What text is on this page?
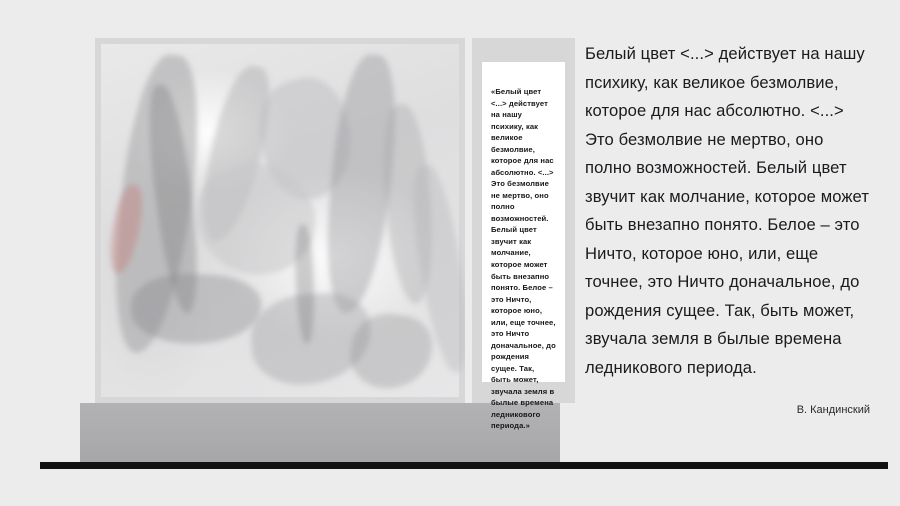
«Белый цвет <...> действует на нашу психику, как великое безмолвие, которое для нас абсолютно. <...> Это безмолвие не мертво, оно полно возможностей. Белый цвет звучит как молчание, которое может быть внезапно понято. Белое – это Ничто, которое юно, или, еще точнее, это Ничто доначальное, до рождения сущее. Так, быть может, звучала земля в былые времена ледникового периода.»
Белый цвет <...> действует на нашу психику, как великое безмолвие, которое для нас абсолютно. <...> Это безмолвие не мертво, оно полно возможностей. Белый цвет звучит как молчание, которое может быть внезапно понято. Белое – это Ничто, которое юно, или, еще точнее, это Ничто доначальное, до рождения сущее. Так, быть может, звучала земля в былые времена ледникового периода.
В. Кандинский
